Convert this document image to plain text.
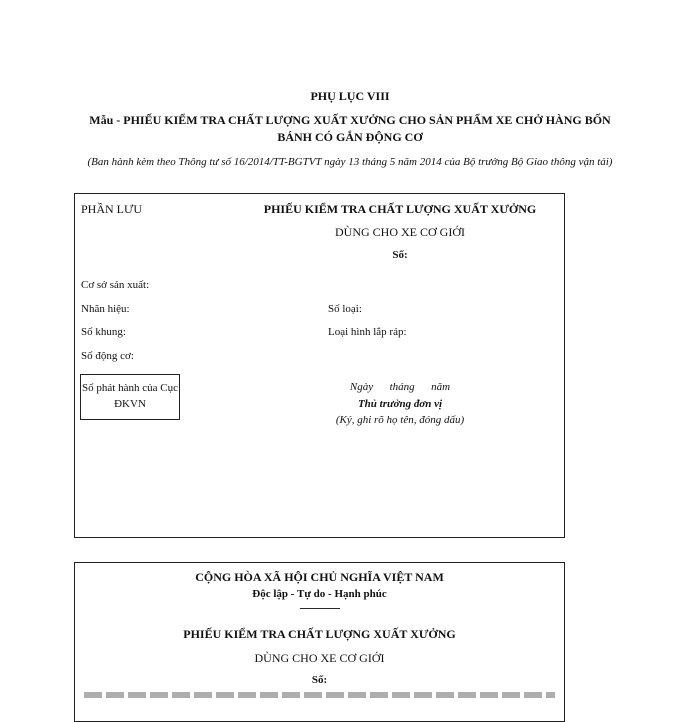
PHỤ LỤC VIII
Mẫu - PHIẾU KIỂM TRA CHẤT LƯỢNG XUẤT XƯỞNG CHO SẢN PHẨM XE CHỞ HÀNG BỐN BÁNH CÓ GẮN ĐỘNG CƠ
(Ban hành kèm theo Thông tư số 16/2014/TT-BGTVT ngày 13 tháng 5 năm 2014 của Bộ trưởng Bộ Giao thông vận tải)
PHẦN LƯU	PHIẾU KIỂM TRA CHẤT LƯỢNG XUẤT XƯỞNG
DÙNG CHO XE CƠ GIỚI
Số:
Cơ sở sản xuất:
Nhãn hiệu:	Số loại:
Số khung:	Loại hình lắp ráp:
Số động cơ:
Số phát hành của Cục ĐKVN
Ngày      tháng      năm
Thủ trưởng đơn vị
(Ký, ghi rõ họ tên, đóng dấu)
CỘNG HÒA XÃ HỘI CHỦ NGHĨA VIỆT NAM
Độc lập - Tự do - Hạnh phúc
---------------
PHIẾU KIỂM TRA CHẤT LƯỢNG XUẤT XƯỞNG
DÙNG CHO XE CƠ GIỚI
Số:
